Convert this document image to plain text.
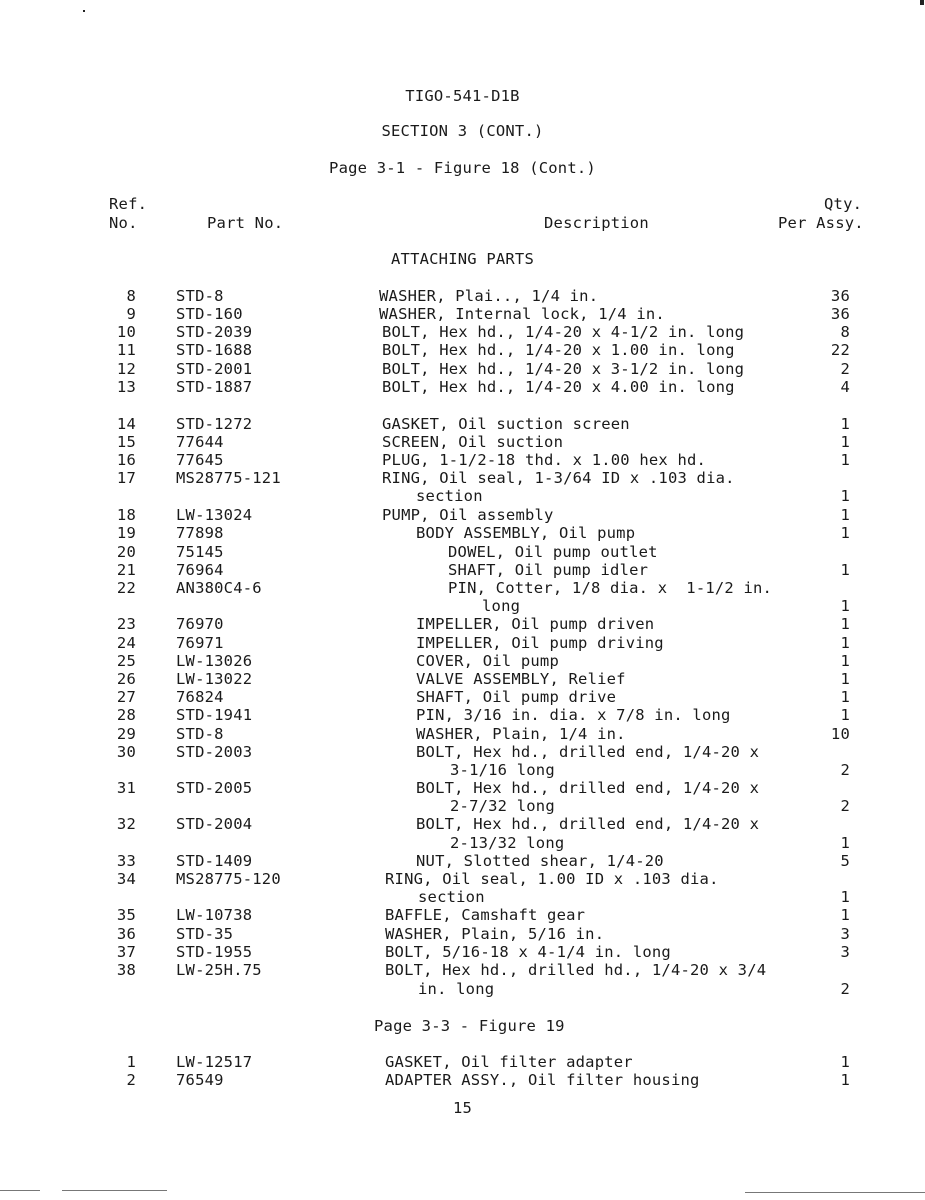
TIGO-541-D1B
SECTION 3 (CONT.)
Page 3-1 - Figure 18 (Cont.)
Ref.
No.	Part No.	Description
Qty.
Per Assy.
ATTACHING PARTS
8	STD-8	WASHER, Plai.., 1/4 in.	36
9	STD-160	WASHER, Internal lock, 1/4 in.	36
10	STD-2039	BOLT, Hex hd., 1/4-20 x 4-1/2 in. long	8
11	STD-1688	BOLT, Hex hd., 1/4-20 x 1.00 in. long	22
12	STD-2001	BOLT, Hex hd., 1/4-20 x 3-1/2 in. long	2
13	STD-1887	BOLT, Hex hd., 1/4-20 x 4.00 in. long	4
14	STD-1272	GASKET, Oil suction screen	1
15	77644	SCREEN, Oil suction	1
16	77645	PLUG, 1-1/2-18 thd. x 1.00 hex hd.	1
17	MS28775-121	RING, Oil seal, 1-3/64 ID x .103 dia.
section	1
18	LW-13024	PUMP, Oil assembly	1
19	77898	BODY ASSEMBLY, Oil pump	1
20	75145	DOWEL, Oil pump outlet
21	76964	SHAFT, Oil pump idler	1
22	AN380C4-6	PIN, Cotter, 1/8 dia. x  1-1/2 in.
long	1
23	76970	IMPELLER, Oil pump driven	1
24	76971	IMPELLER, Oil pump driving	1
25	LW-13026	COVER, Oil pump	1
26	LW-13022	VALVE ASSEMBLY, Relief	1
27	76824	SHAFT, Oil pump drive	1
28	STD-1941	PIN, 3/16 in. dia. x 7/8 in. long	1
29	STD-8	WASHER, Plain, 1/4 in.	10
30	STD-2003	BOLT, Hex hd., drilled end, 1/4-20 x
3-1/16 long	2
31	STD-2005	BOLT, Hex hd., drilled end, 1/4-20 x
2-7/32 long	2
32	STD-2004	BOLT, Hex hd., drilled end, 1/4-20 x
2-13/32 long	1
33	STD-1409	NUT, Slotted shear, 1/4-20	5
34	MS28775-120	RING, Oil seal, 1.00 ID x .103 dia.
section	1
35	LW-10738	BAFFLE, Camshaft gear	1
36	STD-35	WASHER, Plain, 5/16 in.	3
37	STD-1955	BOLT, 5/16-18 x 4-1/4 in. long	3
38	LW-25H.75	BOLT, Hex hd., drilled hd., 1/4-20 x 3/4
in. long	2
Page 3-3 - Figure 19
1	LW-12517	GASKET, Oil filter adapter	1
2	76549	ADAPTER ASSY., Oil filter housing	1
15
